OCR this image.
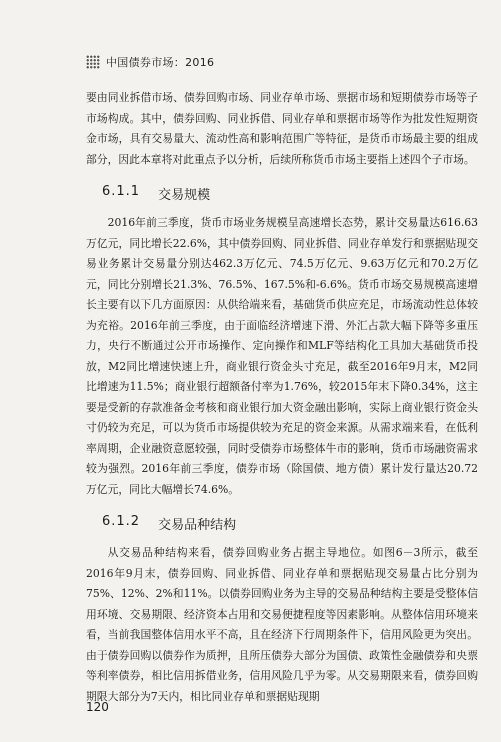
中国债券市场：2016

要由同业拆借市场、债券回购市场、同业存单市场、票据市场和短期债券市场等子市场构成。其中，债券回购、同业拆借、同业存单和票据市场等作为批发性短期资金市场，具有交易量大、流动性高和影响范围广等特征，是货币市场最主要的组成部分，因此本章将对此重点予以分析，后续所称货币市场主要指上述四个子市场。

6.1.1 交易规模

2016年前三季度，货币市场业务规模呈高速增长态势，累计交易量达616.63万亿元，同比增长22.6%，其中债券回购、同业拆借、同业存单发行和票据贴现交易业务累计交易量分别达462.3万亿元、74.5万亿元、9.63万亿元和70.2万亿元，同比分别增长21.3%、76.5%、167.5%和-6.6%。货币市场交易规模高速增长主要有以下几方面原因：从供给端来看，基础货币供应充足，市场流动性总体较为充裕。2016年前三季度，由于面临经济增速下滑、外汇占款大幅下降等多重压力，央行不断通过公开市场操作、定向操作和MLF等结构化工具加大基础货币投放，M2同比增速快速上升，商业银行资金头寸充足，截至2016年9月末，M2同比增速为11.5%；商业银行超额备付率为1.76%，较2015年末下降0.34%，这主要是受新的存款准备金考核和商业银行加大资金融出影响，实际上商业银行资金头寸仍较为充足，可以为货币市场提供较为充足的资金来源。从需求端来看，在低利率周期，企业融资意愿较强，同时受债券市场整体牛市的影响，货币市场融资需求较为强烈。2016年前三季度，债券市场（除国债、地方债）累计发行量达20.72万亿元，同比大幅增长74.6%。

6.1.2 交易品种结构

从交易品种结构来看，债券回购业务占据主导地位。如图6－3所示，截至2016年9月末，债券回购、同业拆借、同业存单和票据贴现交易量占比分别为75%、12%、2%和11%。以债券回购业务为主导的交易品种结构主要是受整体信用环境、交易期限、经济资本占用和交易便捷程度等因素影响。从整体信用环境来看，当前我国整体信用水平不高，且在经济下行周期条件下，信用风险更为突出。由于债券回购以债券作为质押，且所压债券大部分为国债、政策性金融债券和央票等利率债券，相比信用拆借业务，信用风险几乎为零。从交易期限来看，债券回购期限大部分为7天内，相比同业存单和票据贴现期

120
